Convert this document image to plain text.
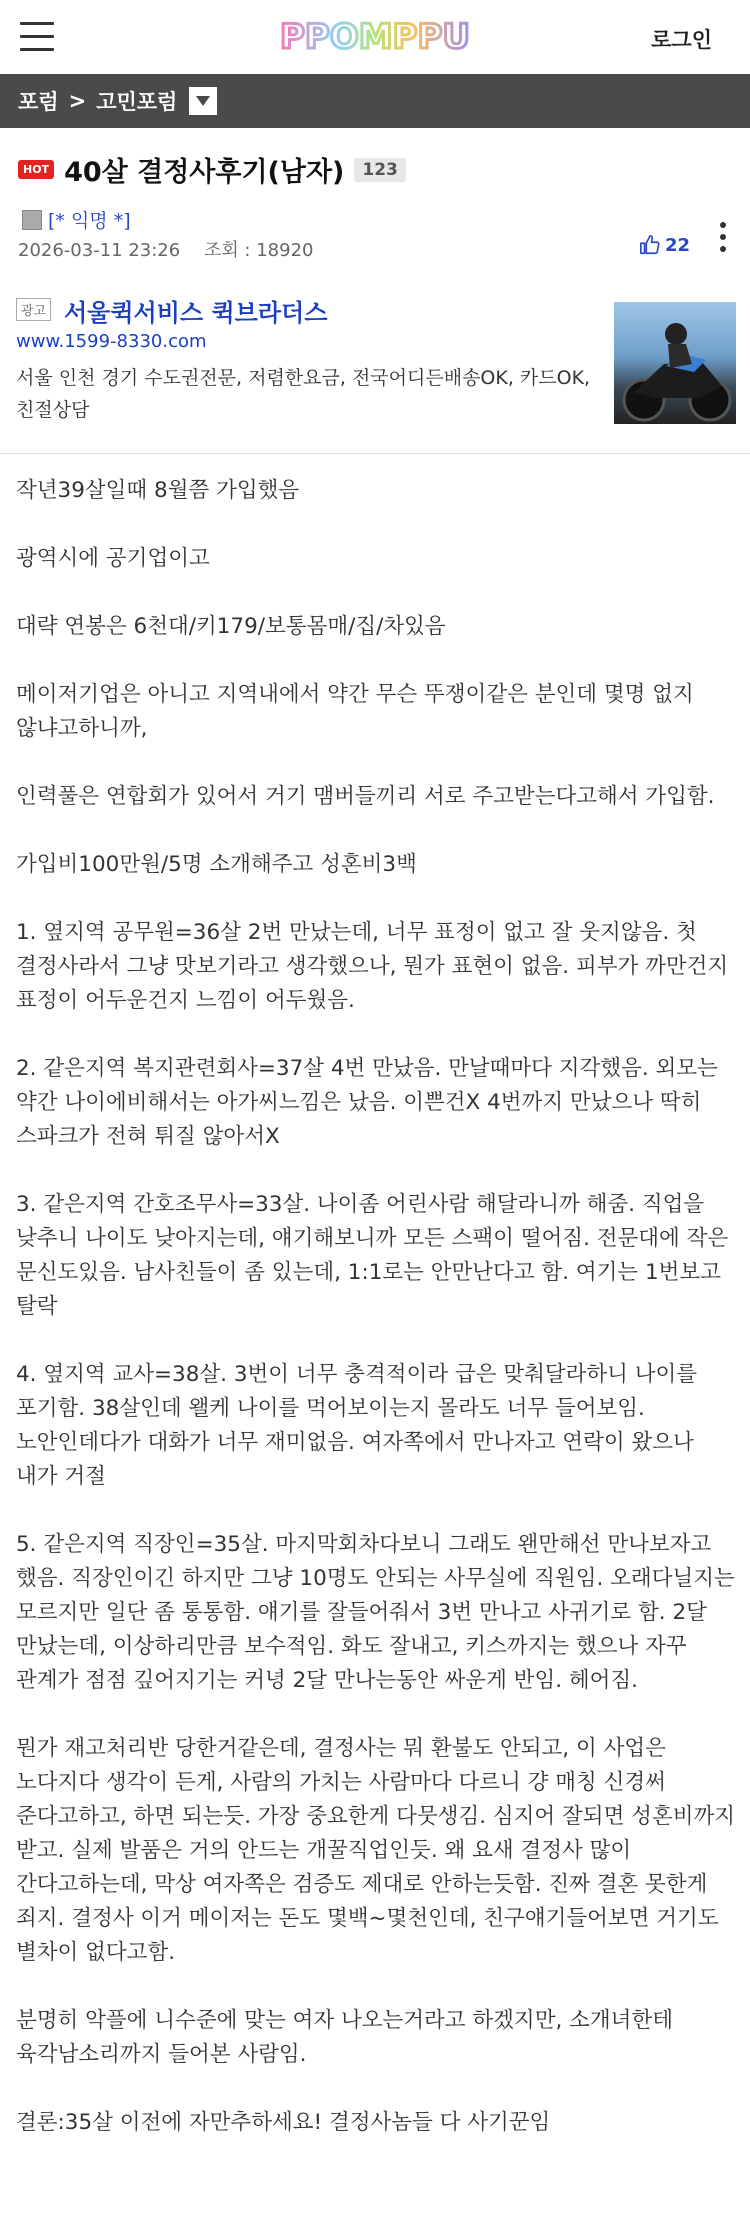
PPOMPPU	로그인
포럼 > 고민포럼
HOT 40살 결정사후기(남자)	123
[* 익명 *]
2026-03-11 23:26 조회 : 18920	22
광고 서울퀵서비스 퀵브라더스
www.1599-8330.com
서울 인천 경기 수도권전문, 저렴한요금, 전국어디든배송OK, 카드OK, 친절상담

작년39살일때 8월쯤 가입했음

광역시에 공기업이고

대략 연봉은 6천대/키179/보통몸매/집/차있음

메이저기업은 아니고 지역내에서 약간 무슨 뚜쟁이같은 분인데 몇명 없지 않냐고하니까,

인력풀은 연합회가 있어서 거기 맴버들끼리 서로 주고받는다고해서 가입함.

가입비100만원/5명 소개해주고 성혼비3백

1. 옆지역 공무원=36살 2번 만났는데, 너무 표정이 없고 잘 웃지않음. 첫 결정사라서 그냥 맛보기라고 생각했으나, 뭔가 표현이 없음. 피부가 까만건지 표정이 어두운건지 느낌이 어두웠음.

2. 같은지역 복지관련회사=37살 4번 만났음. 만날때마다 지각했음. 외모는 약간 나이에비해서는 아가씨느낌은 났음. 이쁜건X 4번까지 만났으나 딱히 스파크가 전혀 튀질 않아서X

3. 같은지역 간호조무사=33살. 나이좀 어린사람 해달라니까 해줌. 직업을 낮추니 나이도 낮아지는데, 얘기해보니까 모든 스팩이 떨어짐. 전문대에 작은 문신도있음. 남사친들이 좀 있는데, 1:1로는 안만난다고 함. 여기는 1번보고 탈락

4. 옆지역 교사=38살. 3번이 너무 충격적이라 급은 맞춰달라하니 나이를 포기함. 38살인데 왤케 나이를 먹어보이는지 몰라도 너무 들어보임. 노안인데다가 대화가 너무 재미없음. 여자쪽에서 만나자고 연락이 왔으나 내가 거절

5. 같은지역 직장인=35살. 마지막회차다보니 그래도 왠만해선 만나보자고 했음. 직장인이긴 하지만 그냥 10명도 안되는 사무실에 직원임. 오래다닐지는 모르지만 일단 좀 통통함. 얘기를 잘들어줘서 3번 만나고 사귀기로 함. 2달 만났는데, 이상하리만큼 보수적임. 화도 잘내고, 키스까지는 했으나 자꾸 관계가 점점 깊어지기는 커녕 2달 만나는동안 싸운게 반임. 헤어짐.

뭔가 재고처리반 당한거같은데, 결정사는 뭐 환불도 안되고, 이 사업은 노다지다 생각이 든게, 사람의 가치는 사람마다 다르니 걍 매칭 신경써 준다고하고, 하면 되는듯. 가장 중요한게 다뭇생김. 심지어 잘되면 성혼비까지 받고. 실제 발품은 거의 안드는 개꿀직업인듯. 왜 요새 결정사 많이 간다고하는데, 막상 여자쪽은 검증도 제대로 안하는듯함. 진짜 결혼 못한게 죄지. 결정사 이거 메이저는 돈도 몇백~몇천인데, 친구얘기들어보면 거기도 별차이 없다고함.

분명히 악플에 니수준에 맞는 여자 나오는거라고 하겠지만, 소개녀한테 육각남소리까지 들어본 사람임.

결론:35살 이전에 자만추하세요! 결정사놈들 다 사기꾼임
